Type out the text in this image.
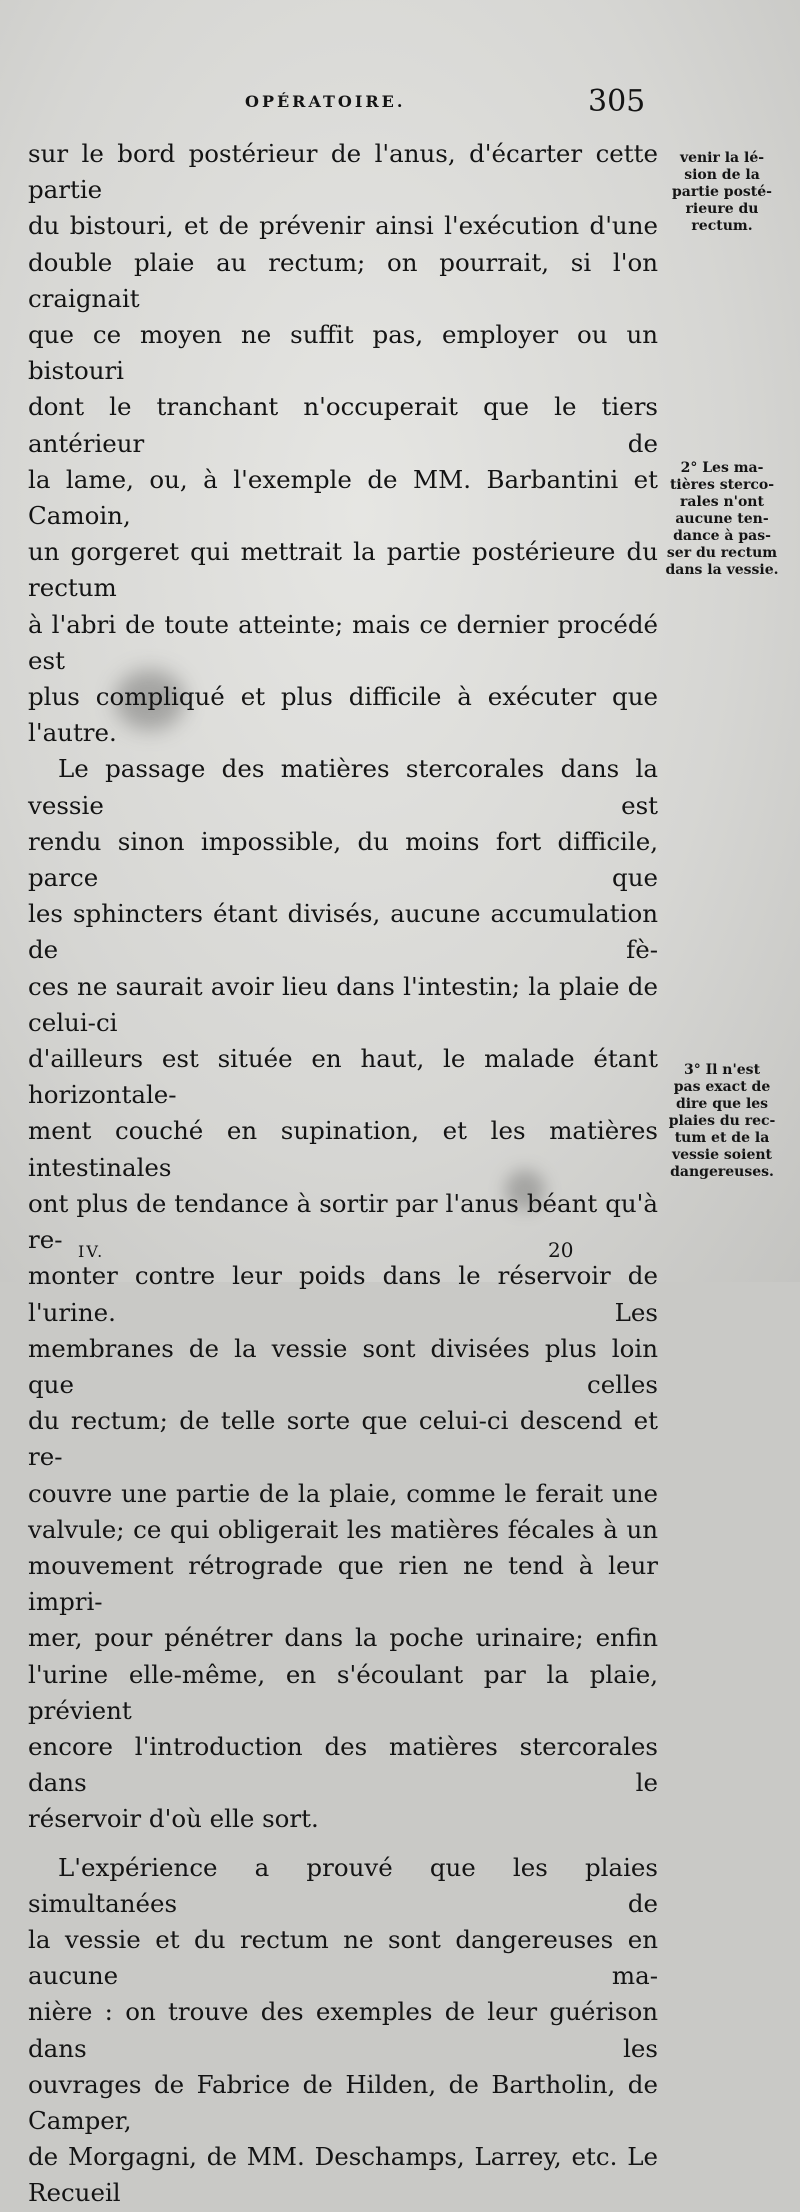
OPÉRATOIRE.	305

sur le bord postérieur de l'anus, d'écarter cette partie

du bistouri, et de prévenir ainsi l'exécution d'une

double plaie au rectum; on pourrait, si l'on craignait

que ce moyen ne suffit pas, employer ou un bistouri

dont le tranchant n'occuperait que le tiers antérieur de

la lame, ou, à l'exemple de MM. Barbantini et Camoin,

un gorgeret qui mettrait la partie postérieure du rectum

à l'abri de toute atteinte; mais ce dernier procédé est

plus compliqué et plus difficile à exécuter que l'autre.

Le passage des matières stercorales dans la vessie est

rendu sinon impossible, du moins fort difficile, parce que

les sphincters étant divisés, aucune accumulation de fè-

ces ne saurait avoir lieu dans l'intestin; la plaie de celui-ci

d'ailleurs est située en haut, le malade étant horizontale-

ment couché en supination, et les matières intestinales

ont plus de tendance à sortir par l'anus béant qu'à re-

monter contre leur poids dans le réservoir de l'urine. Les

membranes de la vessie sont divisées plus loin que celles

du rectum; de telle sorte que celui-ci descend et re-

couvre une partie de la plaie, comme le ferait une

valvule; ce qui obligerait les matières fécales à un

mouvement rétrograde que rien ne tend à leur impri-

mer, pour pénétrer dans la poche urinaire; enfin

l'urine elle-même, en s'écoulant par la plaie, prévient

encore l'introduction des matières stercorales dans le

réservoir d'où elle sort.

L'expérience a prouvé que les plaies simultanées de

la vessie et du rectum ne sont dangereuses en aucune ma-

nière : on trouve des exemples de leur guérison dans les

ouvrages de Fabrice de Hilden, de Bartholin, de Camper,

de Morgagni, de MM. Deschamps, Larrey, etc. Le Recueil

venir la lé-
sion de la
partie posté-
rieure du
rectum.
2° Les ma-
tières sterco-
rales n'ont
aucune ten-
dance à pas-
ser du rectum
dans la vessie.
3° Il n'est
pas exact de
dire que les
plaies du rec-
tum et de la
vessie soient
dangereuses.
IV.	20
